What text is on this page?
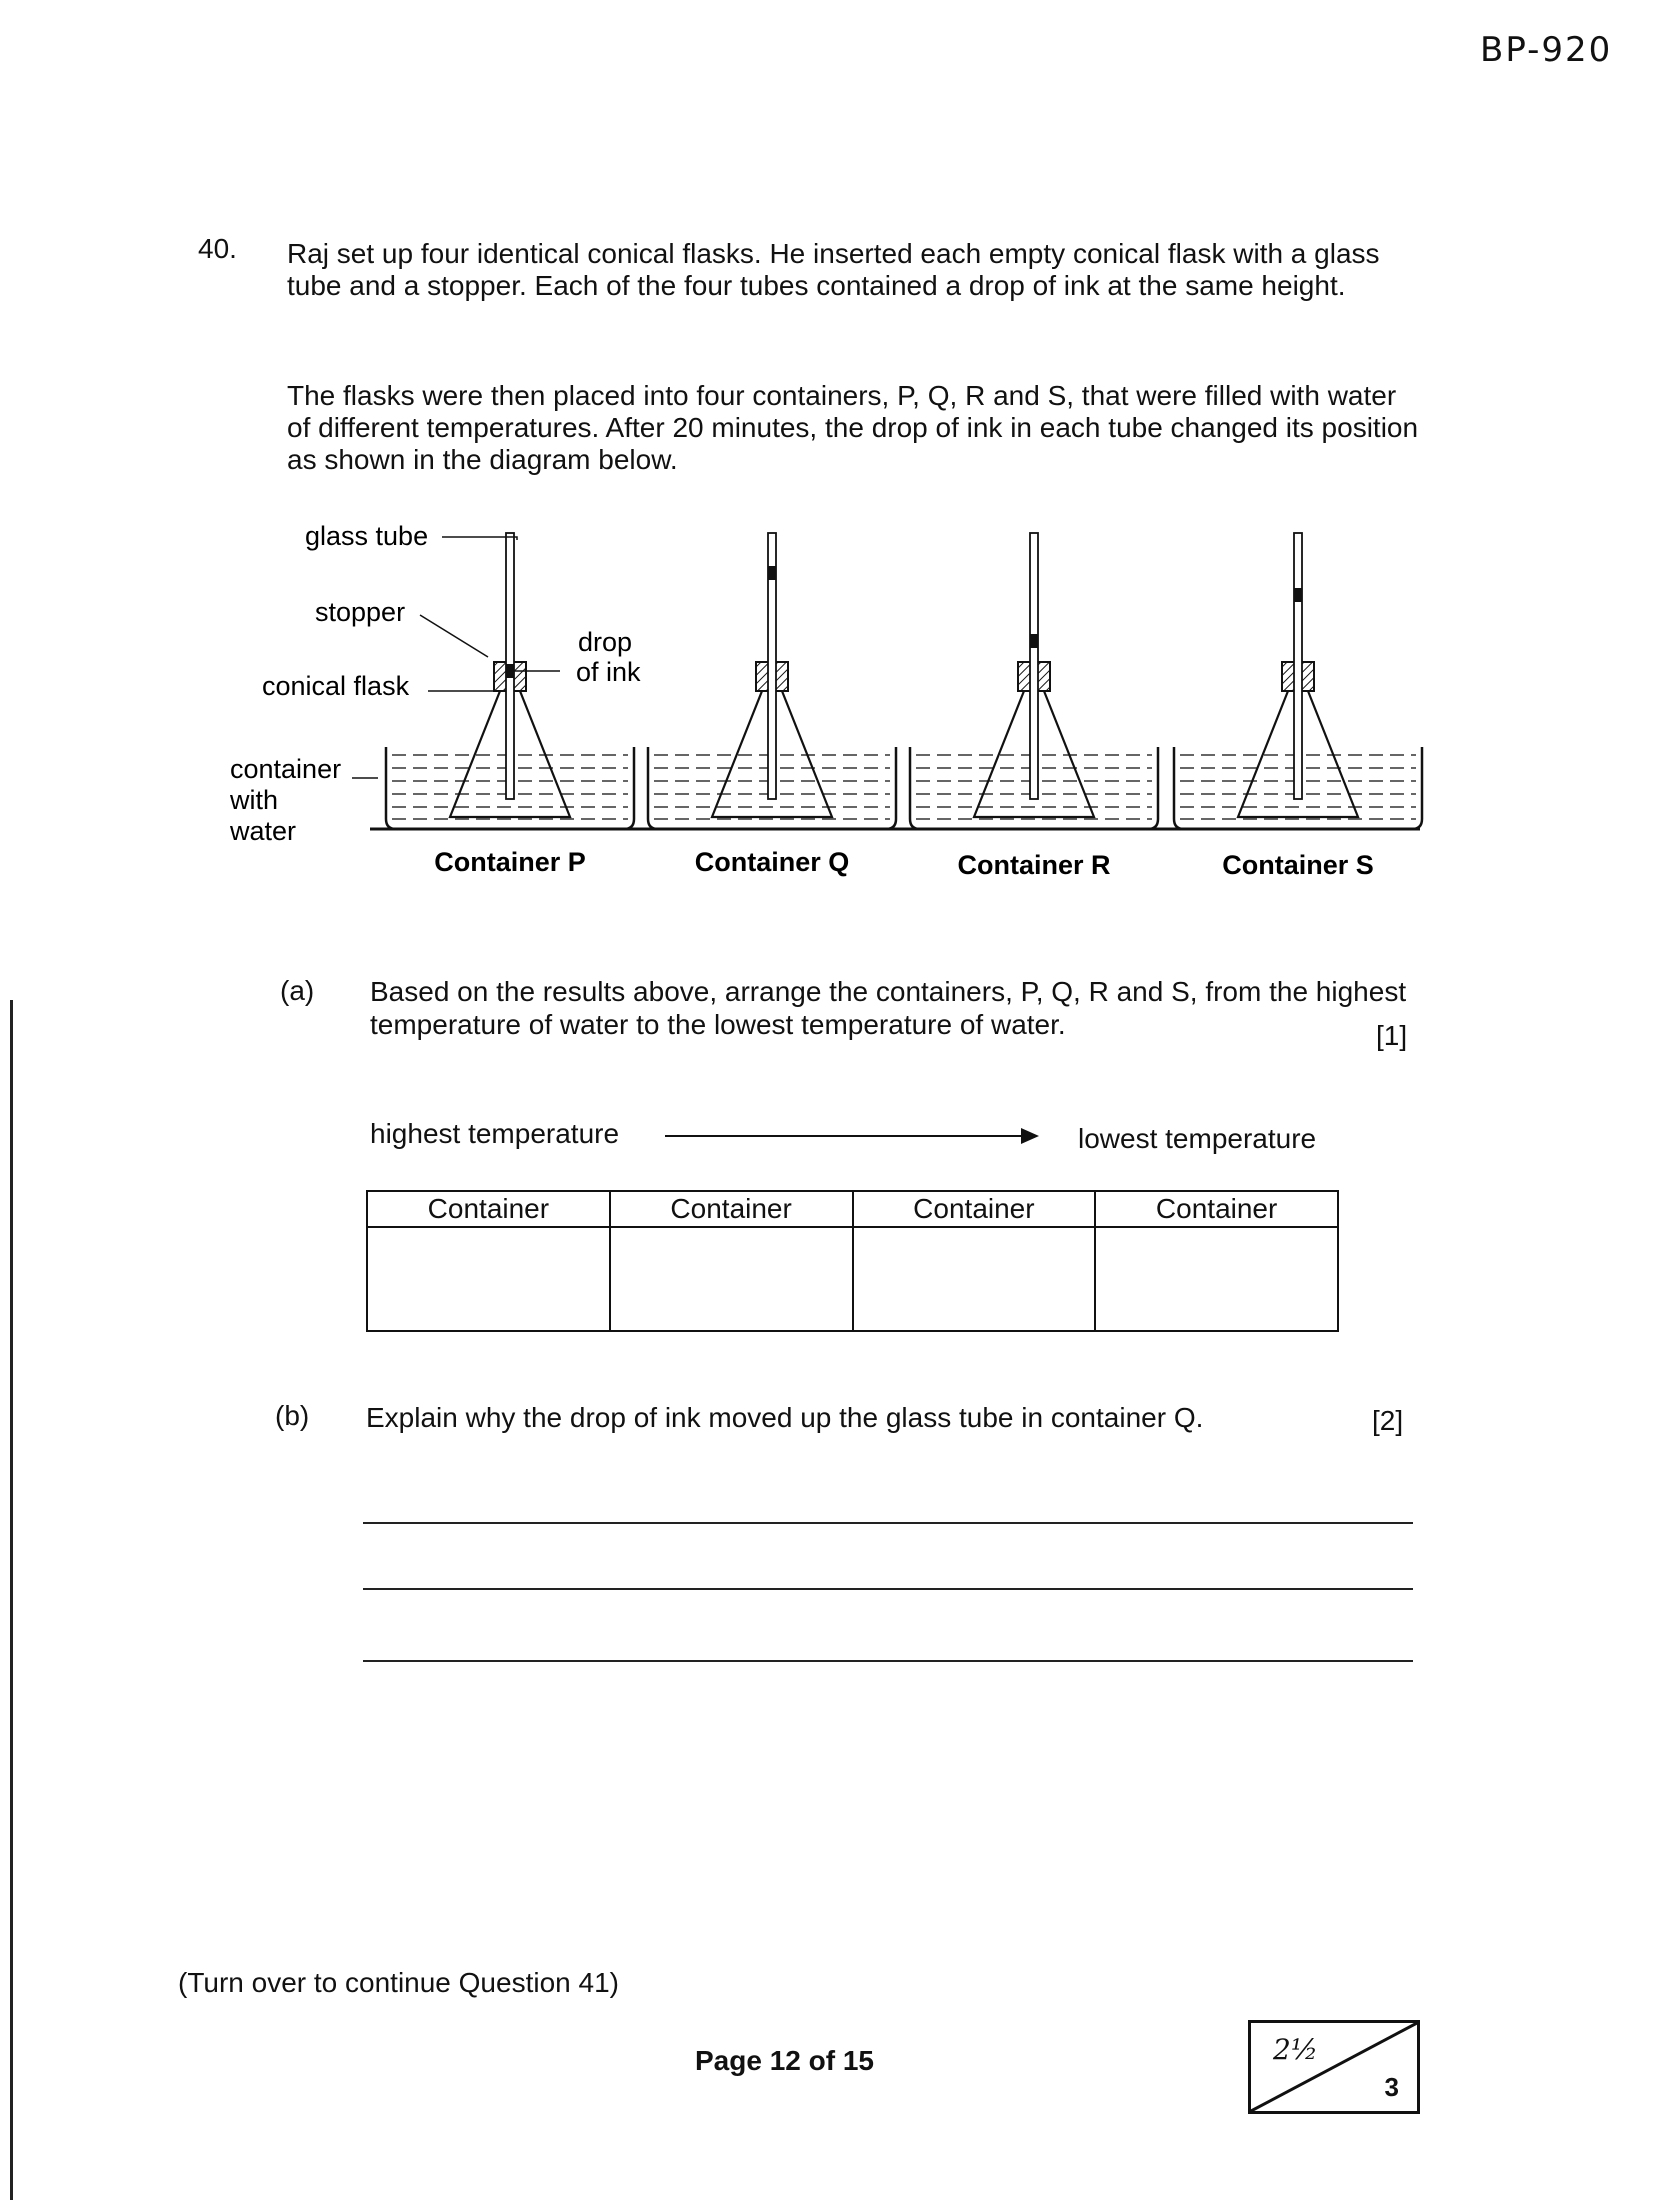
BP-920
40. Raj set up four identical conical flasks. He inserted each empty conical flask with a glass tube and a stopper. Each of the four tubes contained a drop of ink at the same height.
The flasks were then placed into four containers, P, Q, R and S, that were filled with water of different temperatures. After 20 minutes, the drop of ink in each tube changed its position as shown in the diagram below.
glass tube
stopper
drop
of ink
conical flask
container
with
water
Container P	Container Q	Container R	Container S
(a) Based on the results above, arrange the containers, P, Q, R and S, from the highest temperature of water to the lowest temperature of water.	[1]
highest temperature	lowest temperature
Container	Container	Container	Container

(b) Explain why the drop of ink moved up the glass tube in container Q.	[2]
(Turn over to continue Question 41)
Page 12 of 15	2½
3
